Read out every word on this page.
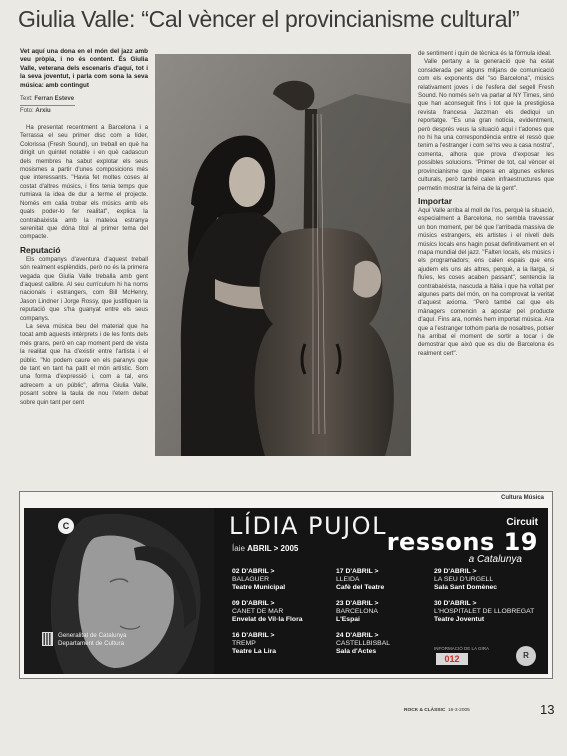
Giulia Valle: “Cal vèncer el provincianisme cultural”

Vet aquí una dona en el món del jazz amb veu pròpia, i no és content. És Giulia Valle, veterana dels escenaris d'aquí, tot i la seva joventut, i parla com sona la seva música: amb contingut

Text: Ferran Esteve
Foto: Arxiu

Ha presentat recentment a Barcelona i a Terrassa el seu primer disc com a líder, Colorissa (Fresh Sound), un treball en què ha dirigit un quintet notable i en què cadascun dels membres ha sabut explotar els seus mosismes a partir d'unes composicions més que interessants. "Havia fet moltes coses al costat d'altres músics, i fins tenia temps que rumiava la idea de dur a terme el projecte. Només em calia trobar els músics amb els quals poder-lo fer realitat", explica la contrabaixista amb la mateixa estranya serenitat que dóna títol al primer tema del compacte.

Reputació

Els companys d'aventura d'aquest treball són realment esplèndids, però no és la primera vegada que Giulia Valle treballa amb gent d'aquest calibre. Al seu currículum hi ha noms nacionals i estrangers, com Bill McHenry, Jason Lindner i Jorge Rossy, que justifiquen la reputació que s'ha guanyat entre els seus companys.

La seva música beu del material que ha tocat amb aquests intèrprets i de les fonts dels més grans, però en cap moment perd de vista la realitat que ha d'existir entre l'artista i el públic. "No podem caure en els paranys que de tant en tant ha patit el món artístic. Som una forma d'expressió i, com a tal, ens adrecem a un públic", afirma Giulia Valle, posant sobre la taula de nou l'etern debat sobre quin tant per cent

de sentiment i quin de tècnica és la fórmula ideal.

Valle pertany a la generació que ha estat considerada per alguns mitjans de comunicació com els exponents del "so Barcelona", músics relativament joves i de l'esfera del segell Fresh Sound. No només se'n va parlar al NY Times, sinó que han aconseguit fins i tot que la prestigiosa revista francesa Jazzman els dediqui un reportatge. "Es una gran notícia, evidentment, però després veus la situació aquí i t'adones que no hi ha una correspondència entre el ressò que tenim a l'estranger i com se'ns veu a casa nostra", comenta, alhora que prova d'exposar les possibles solucions. "Primer de tot, cal vèncer el provincianisme que impera en algunes esferes culturals, però també calen infraestructures que permetin mostrar la feina de la gent".

Importar

Aquí Valle arriba al moll de l'os, perquè la situació, especialment a Barcelona, no sembla travessar un bon moment, per bé que l'arribada massiva de músics estrangers, els artistes i el nivell dels músics locals ens hagin posat definitivament en el mapa mundial del jazz. "Falten locals, els músics i els programadors; ens calen espais que ens ajudem els uns als altres, perquè, a la llarga, si fluïes, les coses acaben passant", sentencia la contrabaixista, nascuda a Itàlia i que ha voltat per algunes parts del món, on ha comprovat la veritat d'aquest axioma. "Però també cal que els mànagers comencin a apostar pel producte d'aquí. Fins ara, només hem importat música. Ara que a l'estranger tothom parla de nosaltres, potser ha arribat el moment de sortir a tocar i de demostrar que això que es diu de Barcelona és realment cert".

Cultura Música
C
Generalitat de Catalunya
Departament de Cultura
LÍDIA PUJOL
Íaie ABRIL > 2005
Circuit
ressons 19
a Catalunya
02 D'ABRIL >
BALAGUER
Teatre Municipal
09 D'ABRIL >
CANET DE MAR
Envelat de Vil·la Flora
16 D'ABRIL >
TREMP
Teatre La Lira
17 D'ABRIL >
LLEIDA
Cafè del Teatre
23 D'ABRIL >
BARCELONA
L'Espai
24 D'ABRIL >
CASTELLBISBAL
Sala d'Actes
29 D'ABRIL >
LA SEU D'URGELL
Sala Sant Domènec
30 D'ABRIL >
L'HOSPITALET DE LLOBREGAT
Teatre Joventut
INFORMACIÓ DE LA GIRA
012	R
ROCK & CLÀSSIC 16-3-2005	13
